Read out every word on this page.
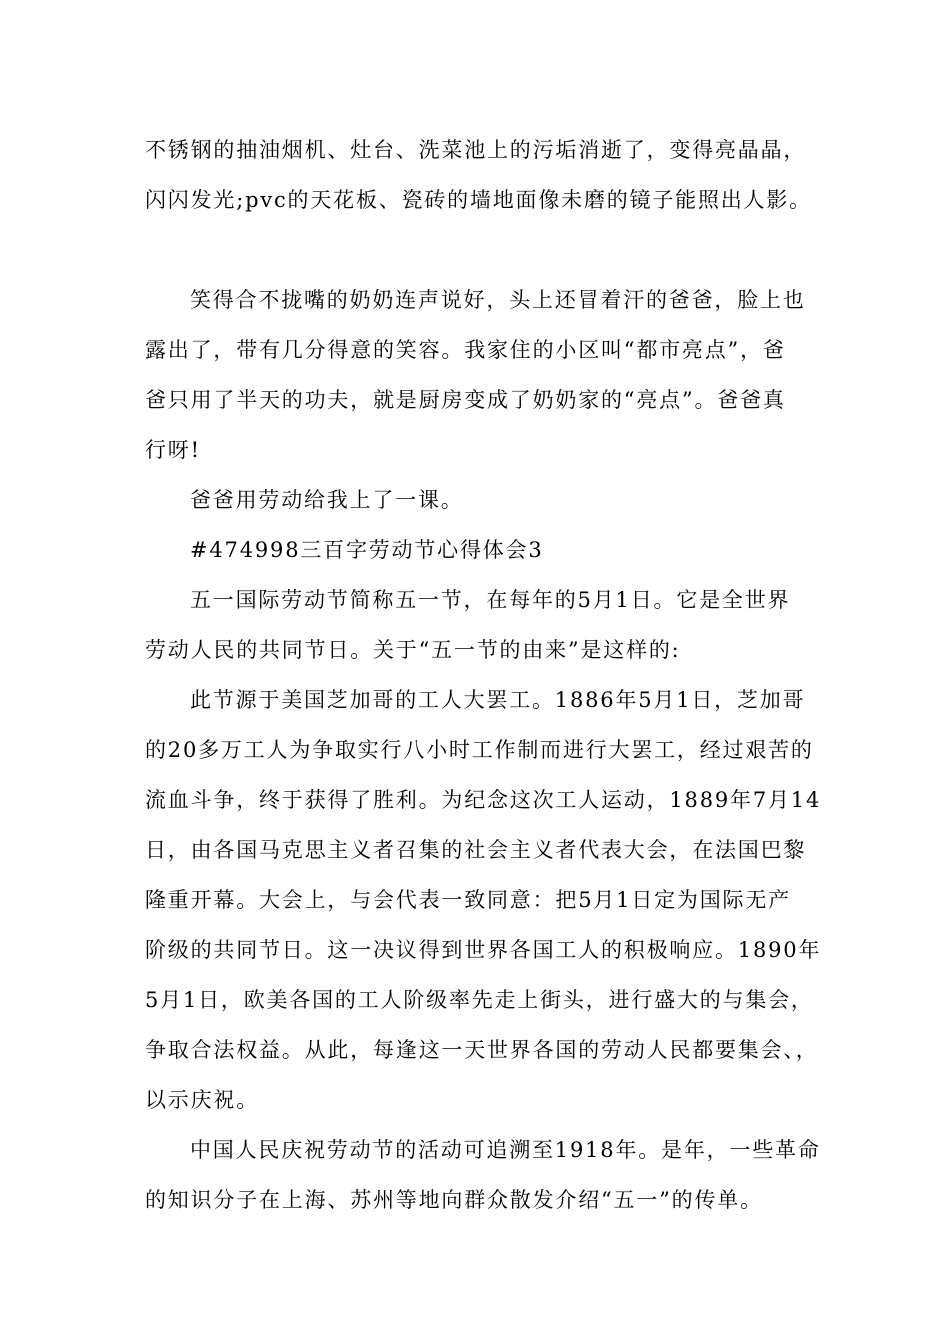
不锈钢的抽油烟机、灶台、洗菜池上的污垢消逝了，变得亮晶晶，
闪闪发光;pvc的天花板、瓷砖的墙地面像未磨的镜子能照出人影。
笑得合不拢嘴的奶奶连声说好，头上还冒着汗的爸爸，脸上也
露出了，带有几分得意的笑容。我家住的小区叫“都市亮点”，爸
爸只用了半天的功夫，就是厨房变成了奶奶家的“亮点”。爸爸真
行呀!
爸爸用劳动给我上了一课。
#474998三百字劳动节心得体会3
五一国际劳动节简称五一节，在每年的5月1日。它是全世界
劳动人民的共同节日。关于“五一节的由来”是这样的:
此节源于美国芝加哥的工人大罢工。1886年5月1日，芝加哥
的20多万工人为争取实行八小时工作制而进行大罢工，经过艰苦的
流血斗争，终于获得了胜利。为纪念这次工人运动，1889年7月14
日，由各国马克思主义者召集的社会主义者代表大会，在法国巴黎
隆重开幕。大会上，与会代表一致同意：把5月1日定为国际无产
阶级的共同节日。这一决议得到世界各国工人的积极响应。1890年
5月1日，欧美各国的工人阶级率先走上街头，进行盛大的与集会，
争取合法权益。从此，每逢这一天世界各国的劳动人民都要集会、，
以示庆祝。
中国人民庆祝劳动节的活动可追溯至1918年。是年，一些革命
的知识分子在上海、苏州等地向群众散发介绍“五一”的传单。
